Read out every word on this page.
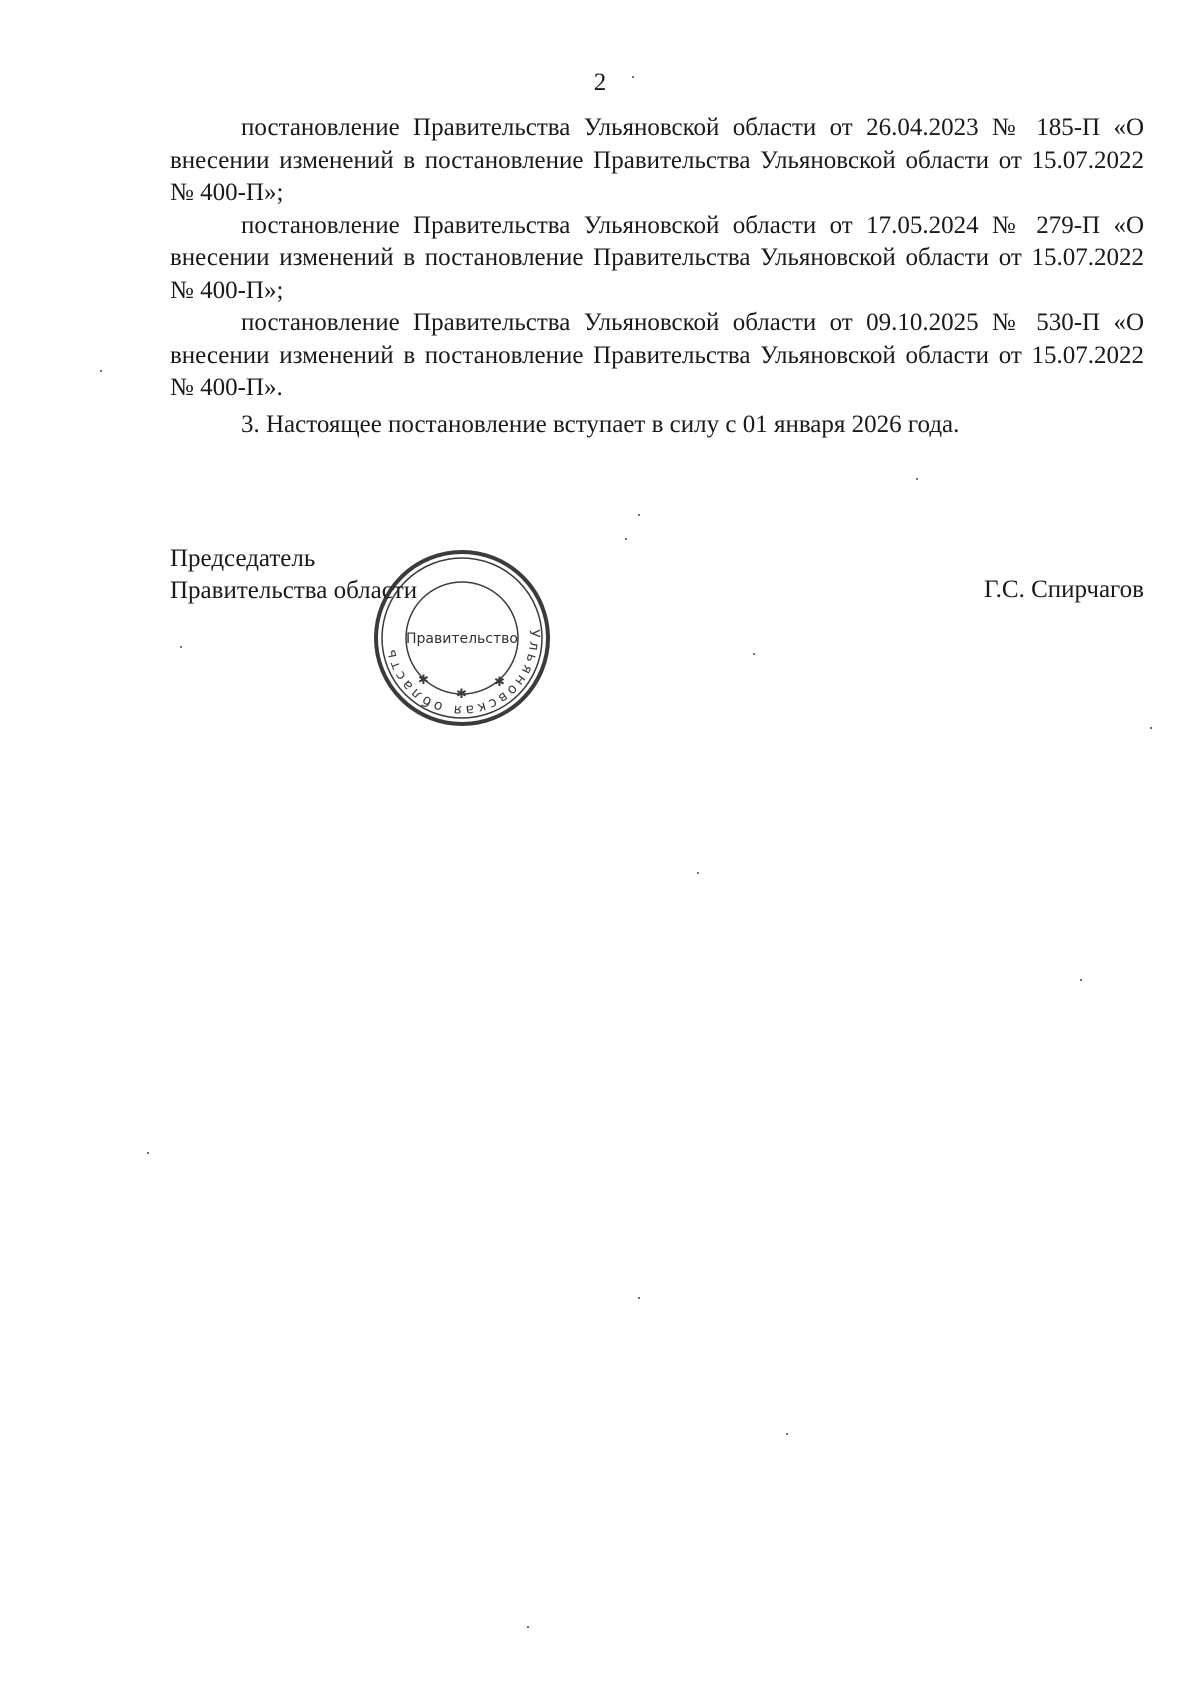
2

постановление Правительства Ульяновской области от 26.04.2023 № 185-П «О внесении изменений в постановление Правительства Ульяновской области от 15.07.2022 № 400-П»;

постановление Правительства Ульяновской области от 17.05.2024 № 279-П «О внесении изменений в постановление Правительства Ульяновской области от 15.07.2022 № 400-П»;

постановление Правительства Ульяновской области от 09.10.2025 № 530-П «О внесении изменений в постановление Правительства Ульяновской области от 15.07.2022 № 400-П».

3. Настоящее постановление вступает в силу с 01 января 2026 года.

Председатель
Правительства области	Г.С. Спирчагов
Ульяновская область
Правительство
✱
✱
✱
